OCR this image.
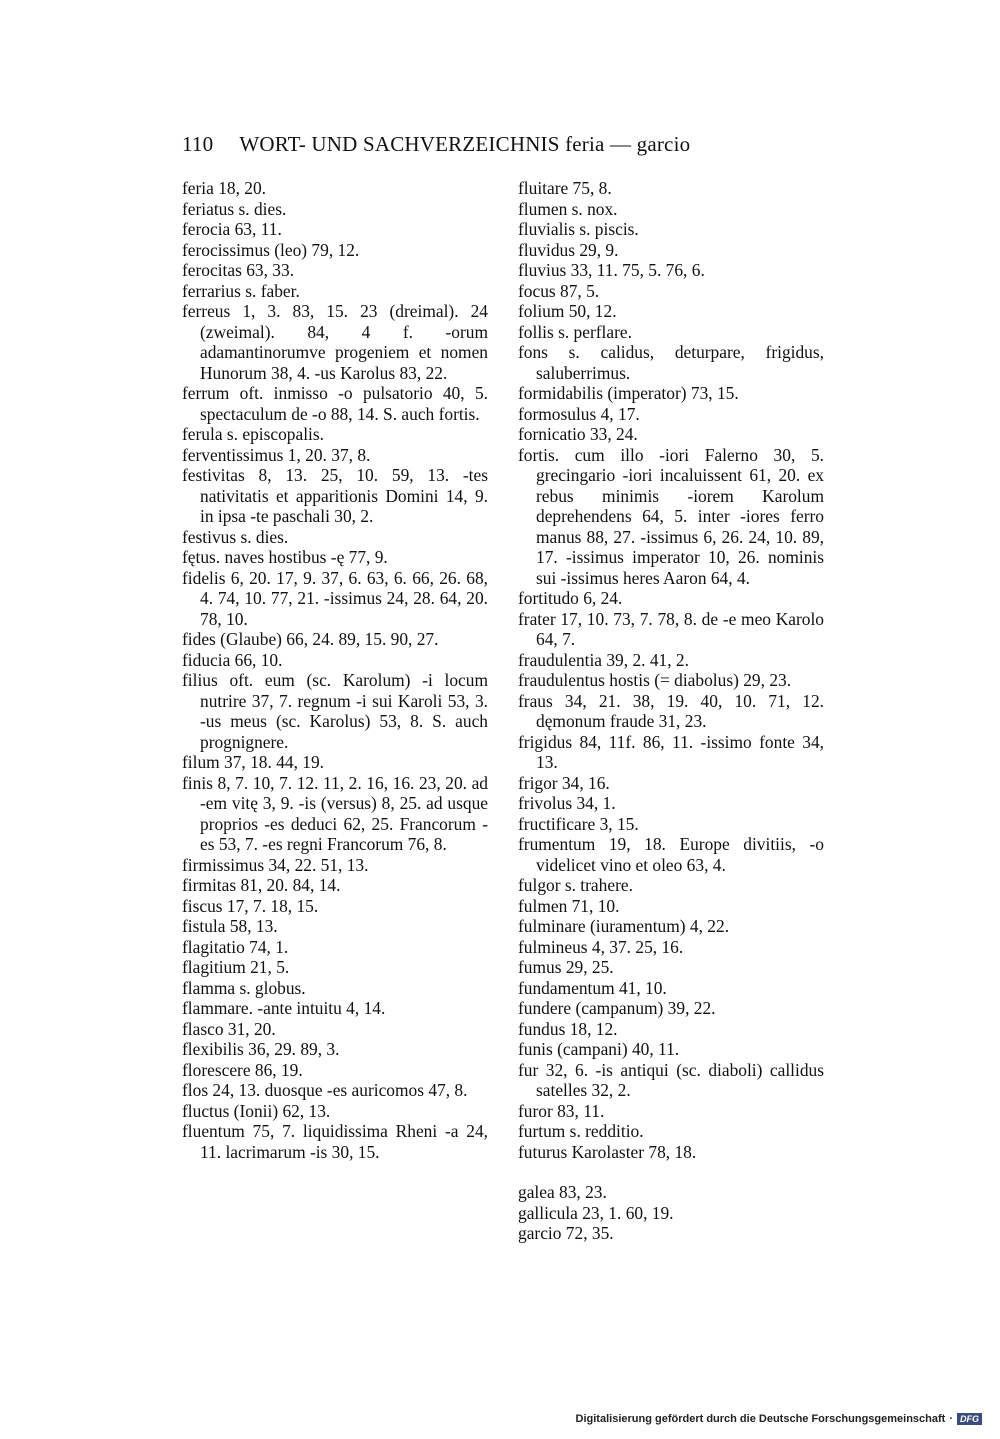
110 WORT- UND SACHVERZEICHNIS feria — garcio
feria 18, 20.
feriatus s. dies.
ferocia 63, 11.
ferocissimus (leo) 79, 12.
ferocitas 63, 33.
ferrarius s. faber.
ferreus 1, 3. 83, 15. 23 (dreimal). 24 (zweimal). 84, 4 f. -orum adamantinorumve progeniem et nomen Hunorum 38, 4. -us Karolus 83, 22.
ferrum oft. inmisso -o pulsatorio 40, 5. spectaculum de -o 88, 14. S. auch fortis.
ferula s. episcopalis.
ferventissimus 1, 20. 37, 8.
festivitas 8, 13. 25, 10. 59, 13. -tes nativitatis et apparitionis Domini 14, 9. in ipsa -te paschali 30, 2.
festivus s. dies.
fętus. naves hostibus -ę 77, 9.
fidelis 6, 20. 17, 9. 37, 6. 63, 6. 66, 26. 68, 4. 74, 10. 77, 21. -issimus 24, 28. 64, 20. 78, 10.
fides (Glaube) 66, 24. 89, 15. 90, 27.
fiducia 66, 10.
filius oft. eum (sc. Karolum) -i locum nutrire 37, 7. regnum -i sui Karoli 53, 3. -us meus (sc. Karolus) 53, 8. S. auch prognignere.
filum 37, 18. 44, 19.
finis 8, 7. 10, 7. 12. 11, 2. 16, 16. 23, 20. ad -em vitę 3, 9. -is (versus) 8, 25. ad usque proprios -es deduci 62, 25. Francorum -es 53, 7. -es regni Francorum 76, 8.
firmissimus 34, 22. 51, 13.
firmitas 81, 20. 84, 14.
fiscus 17, 7. 18, 15.
fistula 58, 13.
flagitatio 74, 1.
flagitium 21, 5.
flamma s. globus.
flammare. -ante intuitu 4, 14.
flasco 31, 20.
flexibilis 36, 29. 89, 3.
florescere 86, 19.
flos 24, 13. duosque -es auricomos 47, 8.
fluctus (Ionii) 62, 13.
fluentum 75, 7. liquidissima Rheni -a 24, 11. lacrimarum -is 30, 15.
fluitare 75, 8.
flumen s. nox.
fluvialis s. piscis.
fluvidus 29, 9.
fluvius 33, 11. 75, 5. 76, 6.
focus 87, 5.
folium 50, 12.
follis s. perflare.
fons s. calidus, deturpare, frigidus, saluberrimus.
formidabilis (imperator) 73, 15.
formosulus 4, 17.
fornicatio 33, 24.
fortis. cum illo -iori Falerno 30, 5. grecingario -iori incaluissent 61, 20. ex rebus minimis -iorem Karolum deprehendens 64, 5. inter -iores ferro manus 88, 27. -issimus 6, 26. 24, 10. 89, 17. -issimus imperator 10, 26. nominis sui -issimus heres Aaron 64, 4.
fortitudo 6, 24.
frater 17, 10. 73, 7. 78, 8. de -e meo Karolo 64, 7.
fraudulentia 39, 2. 41, 2.
fraudulentus hostis (= diabolus) 29, 23.
fraus 34, 21. 38, 19. 40, 10. 71, 12. dęmonum fraude 31, 23.
frigidus 84, 11f. 86, 11. -issimo fonte 34, 13.
frigor 34, 16.
frivolus 34, 1.
fructificare 3, 15.
frumentum 19, 18. Europe divitiis, -o videlicet vino et oleo 63, 4.
fulgor s. trahere.
fulmen 71, 10.
fulminare (iuramentum) 4, 22.
fulmineus 4, 37. 25, 16.
fumus 29, 25.
fundamentum 41, 10.
fundere (campanum) 39, 22.
fundus 18, 12.
funis (campani) 40, 11.
fur 32, 6. -is antiqui (sc. diaboli) callidus satelles 32, 2.
furor 83, 11.
furtum s. redditio.
futurus Karolaster 78, 18.
galea 83, 23.
gallicula 23, 1. 60, 19.
garcio 72, 35.
Digitalisierung gefördert durch die Deutsche Forschungsgemeinschaft · DFG
